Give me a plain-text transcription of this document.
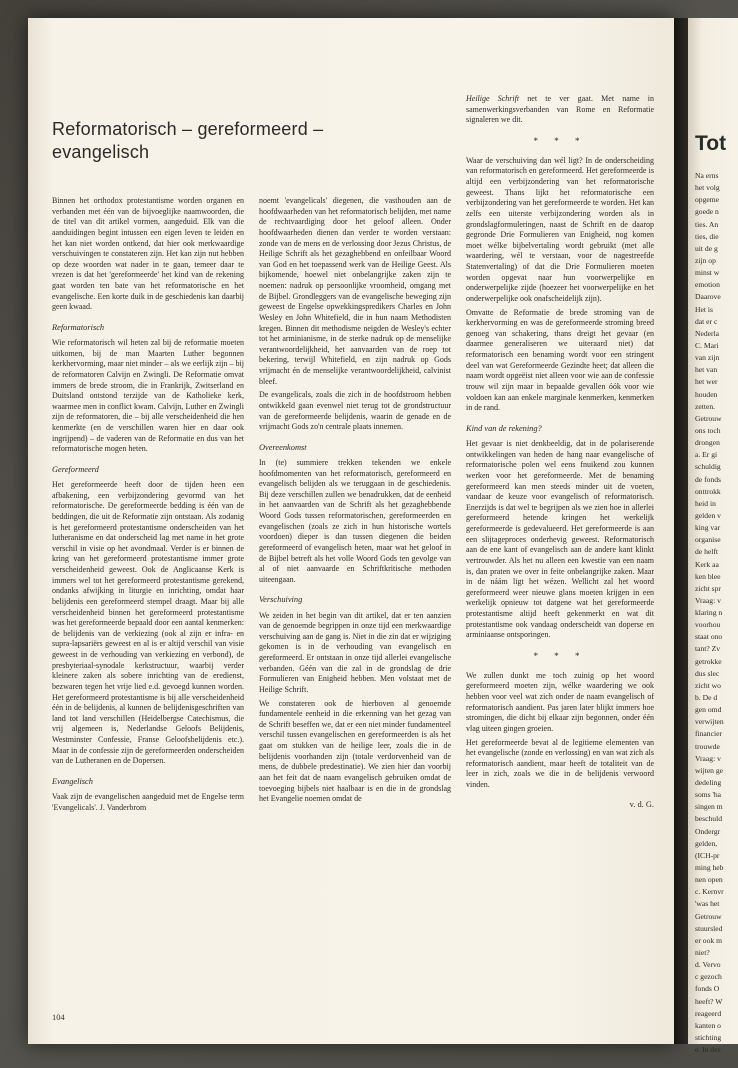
Reformatorisch – gereformeerd –
evangelisch

Binnen het orthodox protestantisme worden organen en verbanden met één van de bijvoeglijke naamwoorden, die de titel van dit artikel vormen, aangeduid. Elk van die aanduidingen begint intussen een eigen leven te leiden en het kan niet worden ontkend, dat hier ook merkwaardige verschuivingen te constateren zijn. Het kan zijn nut hebben op deze woorden wat nader in te gaan, temeer daar te vrezen is dat het 'gereformeerde' het kind van de rekening gaat worden ten bate van het reformatorische en het evangelische. Een korte duik in de geschiedenis kan daarbij geen kwaad.

Reformatorisch

Wie reformatorisch wil heten zal bij de reformatie moeten uitkomen, bij de man Maarten Luther begonnen kerkhervorming, maar niet minder – als we eerlijk zijn – bij de reformatoren Calvijn en Zwingli. De Reformatie omvat immers de brede stroom, die in Frankrijk, Zwitserland en Duitsland ontstond terzijde van de Katholieke kerk, waarmee men in conflict kwam. Calvijn, Luther en Zwingli zijn de reformatoren, die – bij alle verscheidenheid die hen kenmerkte (en de verschillen waren hier en daar ook ingrijpend) – de vaderen van de Reformatie en dus van het reformatorische mogen heten.

Gereformeerd

Het gereformeerde heeft door de tijden heen een afbakening, een verbijzondering gevormd van het reformatorische. De gereformeerde bedding is één van de beddingen, die uit de Reformatie zijn ontstaan. Als zodanig is het gereformeerd protestantisme onderscheiden van het lutheranisme en dat onderscheid lag met name in het grote verschil in visie op het avondmaal. Verder is er binnen de kring van het gereformeerd protestantisme immer grote verscheidenheid geweest. Ook de Anglicaanse Kerk is immers wel tot het gereformeerd protestantisme gerekend, ondanks afwijking in liturgie en inrichting, omdat haar belijdenis een gereformeerd stempel draagt. Maar bij alle verscheidenheid binnen het gereformeerd protestantisme was het gereformeerde bepaald door een aantal kenmerken: de belijdenis van de verkiezing (ook al zijn er infra- en supra-lapsariërs geweest en al is er altijd verschil van visie geweest in de verhouding van verkiezing en verbond), de presbyteriaal-synodale kerkstructuur, waarbij verder kleinere zaken als sobere inrichting van de eredienst, bezwaren tegen het vrije lied e.d. gevoegd kunnen worden. Het gereformeerd protestantisme is bij alle verscheidenheid één in de belijdenis, al kunnen de belijdenisgeschriften van land tot land verschillen (Heidelbergse Catechismus, die vrij algemeen is, Nederlandse Geloofs Belijdenis, Westminster Confessie, Franse Geloofsbelijdenis etc.). Maar in de confessie zijn de gereformeerden onderscheiden van de Lutheranen en de Dopersen.

Evangelisch

Vaak zijn de evangelischen aangeduid met de Engelse term 'Evangelicals'. J. Vanderbrom

noemt 'evangelicals' diegenen, die vasthouden aan de hoofdwaarheden van het reformatorisch belijden, met name de rechtvaardiging door het geloof alleen. Onder hoofdwaarheden dienen dan verder te worden verstaan: zonde van de mens en de verlossing door Jezus Christus, de Heilige Schrift als het gezaghebbend en onfeilbaar Woord van God en het toepassend werk van de Heilige Geest. Als bijkomende, hoewel niet onbelangrijke zaken zijn te noemen: nadruk op persoonlijke vroomheid, omgang met de Bijbel. Grondleggers van de evangelische beweging zijn geweest de Engelse opwekkingspredikers Charles en John Wesley en John Whitefield, die in hun naam Methodisten kregen. Binnen dit methodisme neigden de Wesley's echter tot het arminianisme, in de sterke nadruk op de menselijke verantwoordelijkheid, het aanvaarden van de roep tot bekering, terwijl Whitefield, en zijn nadruk op Gods vrijmacht én de menselijke verantwoordelijkheid, calvinist bleef.

De evangelicals, zoals die zich in de hoofdstroom hebben ontwikkeld gaan evenwel niet terug tot de grondstructuur van de gereformeerde belijdenis, waarin de genade en de vrijmacht Gods zo'n centrale plaats innemen.

Overeenkomst

In (te) summiere trekken tekenden we enkele hoofdmomenten van het reformatorisch, gereformeerd en evangelisch belijden als we teruggaan in de geschiedenis. Bij deze verschillen zullen we benadrukken, dat de eenheid in het aanvaarden van de Schrift als het gezaghebbende Woord Gods tussen reformatorischen, gereformeerden en evangelischen (zoals ze zich in hun historische wortels voordoen) dieper is dan tussen diegenen die beiden gereformeerd of evangelisch heten, maar wat het geloof in de Bijbel betreft als het volle Woord Gods ten gevolge van al of niet aanvaarde en Schriftkritische methoden uiteengaan.

Verschuiving

We zeiden in het begin van dit artikel, dat er ten aanzien van de genoemde begrippen in onze tijd een merkwaardige verschuiving aan de gang is. Niet in die zin dat er wijziging gekomen is in de verhouding van evangelisch en gereformeerd. Er ontstaan in onze tijd allerlei evangelische verbanden. Géén van die zal in de grondslag de drie Formulieren van Enigheid hebben. Men volstaat met de Heilige Schrift.

We constateren ook de hierboven al genoemde fundamentele eenheid in die erkenning van het gezag van de Schrift beseffen we, dat er een niet minder fundamenteel verschil tussen evangelischen en gereformeerden is als het gaat om stukken van de heilige leer, zoals die in de belijdenis voorhanden zijn (totale verdorvenheid van de mens, de dubbele predestinatie). We zien hier dan voorbij aan het feit dat de naam evangelisch gebruiken omdat de toevoeging bijbels niet haalbaar is en die in de grondslag het Evangelie noemen omdat de

Heilige Schrift net te ver gaat. Met name in samenwerkingsverbanden van Rome en Reformatie signaleren we dit.

* * *

Waar de verschuiving dan wél ligt? In de onderscheiding van reformatorisch en gereformeerd. Het gereformeerde is altijd een verbijzondering van het reformatorische geweest. Thans lijkt het reformatorische een verbijzondering van het gereformeerde te worden. Het kan zelfs een uiterste verbijzondering worden als in grondslagformuleringen, naast de Schrift en de daarop gegronde Drie Formulieren van Enigheid, nog komen moet wélke bijbelvertaling wordt gebruikt (met alle waardering, wél te verstaan, voor de nagestreefde Statenvertaling) of dat die Drie Formulieren moeten worden opgevat naar hun voorwerpelijke en onderwerpelijke zijde (hoezeer het voorwerpelijke en het onderwerpelijke ook onafscheidelijk zijn).

Omvatte de Reformatie de brede stroming van de kerkhervorming en was de gereformeerde stroming breed genoeg van schakering, thans dreigt het gevaar (en daarmee generaliseren we uiteraard niet) dat reformatorisch een benaming wordt voor een stringent deel van wat Gereformeerde Gezindte heet; dat alleen die naam wordt opgeëist niet alleen voor wie aan de confessie trouw wil zijn maar in bepaalde gevallen óók voor wie voldoen kan aan enkele marginale kenmerken, kenmerken in de rand.

Kind van de rekening?

Het gevaar is niet denkbeeldig, dat in de polariserende ontwikkelingen van heden de hang naar evangelische of reformatorische polen wel eens fnuikend zou kunnen werken voor het gereformeerde. Met de benaming gereformeerd kan men steeds minder uit de voeten, vandaar de keuze voor evangelisch of reformatorisch. Enerzijds is dat wel te begrijpen als we zien hoe in allerlei gereformeerd hetende kringen het werkelijk gereformeerde is gedevalueerd. Het gereformeerde is aan een slijtageproces onderhevig geweest. Reformatorisch aan de ene kant of evangelisch aan de andere kant klinkt vertrouwder. Als het nu alleen een kwestie van een naam is, dan praten we over in feite onbelangrijke zaken. Maar in de náám ligt het wézen. Wellicht zal het woord gereformeerd weer nieuwe glans moeten krijgen in een werkelijk opnieuw tot datgene wat het gereformeerde protestantisme altijd heeft gekenmerkt en wat dit protestantisme ook vandaag onderscheidt van doperse en arminiaanse ontsporingen.

* * *

We zullen dunkt me toch zuinig op het woord gereformeerd moeten zijn, wélke waardering we ook hebben voor veel wat zich onder de naam evangelisch of reformatorisch aandient. Pas jaren later blijkt immers hoe stromingen, die dicht bij elkaar zijn begonnen, onder één vlag uiteen gingen groeien.

Het gereformeerde bevat al de legitieme elementen van het evangelische (zonde en verlossing) en van wat zich als reformatorisch aandient, maar heeft de totaliteit van de leer in zich, zoals we die in de belijdenis verwoord vinden.

v. d. G.
104
Tot
Na erns
het volg
opgeme
goede n
ties. An
ties, die
uit de g
zijn op
minst w
emotion
Daarove
Het is
dat er c
Nederla
C. Mari
van zijn
het van
het wer
houden
zetten.
Getrouw
ons toch
drongen
a. Er gi
schuldig
de fonds
onttrokk
heid in
gelden v
king var
organise
de helft
Kerk aa
ken blee
zicht spr
Vraag: v
klaring n
voorhou
staat ono
tant? Zv
getrokke
dus slec
zicht wo
b. De d
gen omd
verwijten
financier
trouwde
Vraag: v
wijten ge
dedeling
soms 'ha
singen m
beschuld
Ondergr
gelden,
(ICH-pr
ming heb
nen open
c. Kernvr
'was het
Getrouw
stuursled
er ook m
niet?
d. Vervo
c gezoch
fonds O
heeft? W
reageerd
kanten o
stichting
e. In dez
